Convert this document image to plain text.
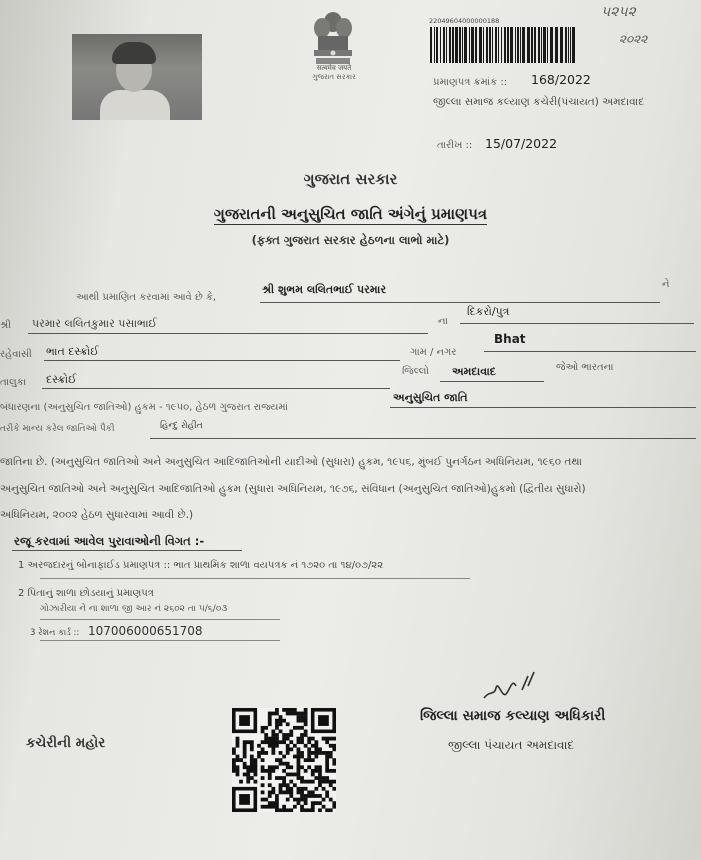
सत्यमेव जयते
ગુજરાત સરકાર
22049604000000188
૫૨૫૨
૨૦૨૨
પ્રમાણપત્ર ક્રમાંક :: 168/2022
જીલ્લા સમાજ કલ્યાણ કચેરી(પંચાયત) અમદાવાદ
તારીખ :: 15/07/2022
ગુજરાત સરકાર
ગુજરાતની અનુસુચિત જાતિ અંગેનું પ્રમાણપત્ર
(ફક્ત ગુજરાત સરકાર હેઠળના લાભો માટે)
આથી પ્રમાણિત કરવામાં આવે છે કે,
શ્રી શુભમ લલિતભાઈ પરમાર	ને
શ્રી પરમાર લલિતકુમાર પસાભાઈ	ના
દિકરો/પુત્ર
રહેવાસી ભાત દસ્ક્રોઈ	ગામ / નગર
Bhat
તાલુકા દસ્ક્રોઈ
જિલ્લો અમદાવાદ	જેઓ ભારતના
બંધારણના (અનુસુચિત જાતિઓ) હુકમ - ૧૯૫૦, હેઠળ ગુજરાત રાજ્યમાં
અનુસુચિત જાતિ
તરીકે માન્ય કરેલ જાતિઓ પૈકી	હિન્દુ રોહીત
જાતિના છે. (અનુસુચિત જાતિઓ અને અનુસુચિત આદિજાતિઓની યાદીઓ (સુધારા) હુકમ, ૧૯૫૬, મુંબઈ પુનર્ગઠન અધિનિયમ, ૧૯૬૦ તથા
અનુસુચિત જાતિઓ અને અનુસુચિત આદિજાતિઓ હુકમ (સુધારા અધિનિયમ, ૧૯૭૬, સંવિધાન (અનુસુચિત જાતિઓ)હુકમો (દ્વિતીય સુધારો)
અધિનિયમ, ૨૦૦૨ હેઠળ સુધારવામાં આવી છે.)
રજૂ કરવામાં આવેલ પુરાવાઓની વિગત :-
1 અરજદારનું બોનાફાઈડ પ્રમાણપત્ર :: ભાત પ્રાથમિક શાળા વયપત્રક નં ૧૭૨૦ તા ૧૪/૦૭/૨૨
2 પિતાનું શાળા છોડયાનું પ્રમાણપત્ર
ગોઝારીયા ને ના શાળા જી આર નં ૨૬૦૨ તા ૫/૬/૦૩
3 રેશન કાર્ડ :: 107006000651708
કચેરીની મહોર
જિલ્લા સમાજ કલ્યાણ અધિકારી
જીલ્લા પંચાયત અમદાવાદ
